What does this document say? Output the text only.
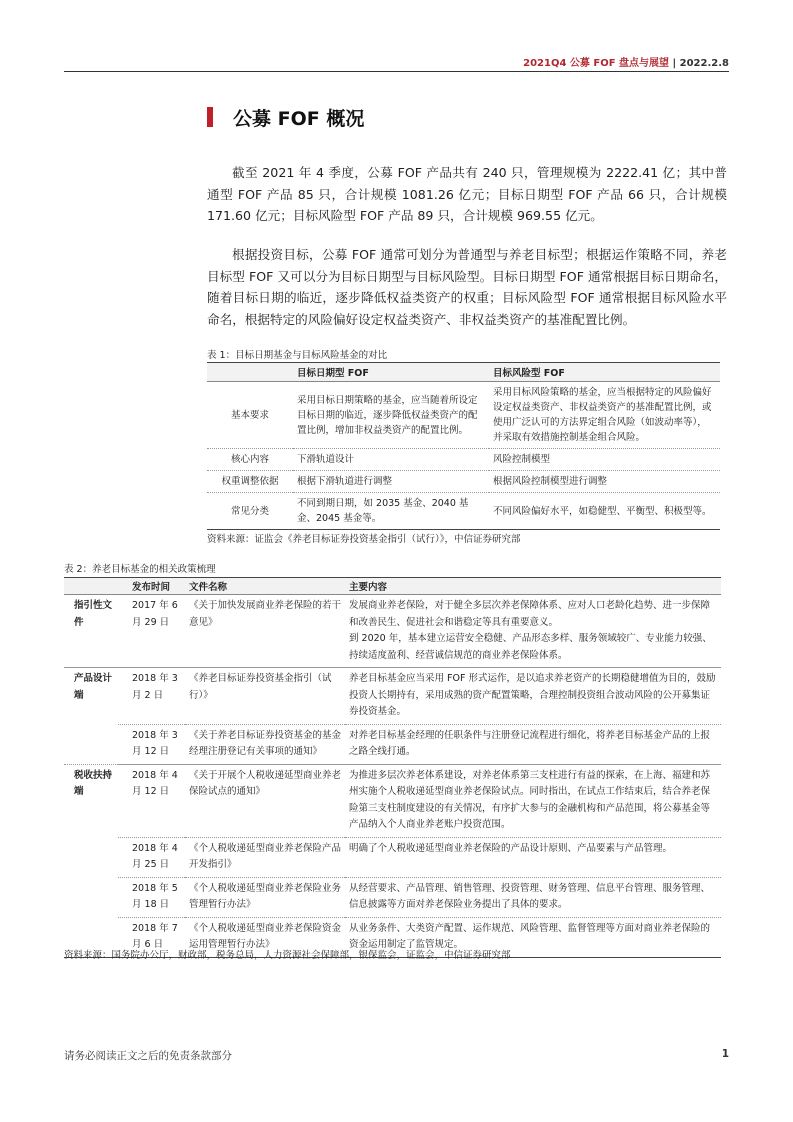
2021Q4 公募 FOF 盘点与展望 | 2022.2.8
公募 FOF 概况

截至 2021 年 4 季度，公募 FOF 产品共有 240 只，管理规模为 2222.41 亿；其中普通型 FOF 产品 85 只，合计规模 1081.26 亿元；目标日期型 FOF 产品 66 只，合计规模 171.60 亿元；目标风险型 FOF 产品 89 只，合计规模 969.55 亿元。

根据投资目标，公募 FOF 通常可划分为普通型与养老目标型；根据运作策略不同，养老目标型 FOF 又可以分为目标日期型与目标风险型。目标日期型 FOF 通常根据目标日期命名，随着目标日期的临近，逐步降低权益类资产的权重；目标风险型 FOF 通常根据目标风险水平命名，根据特定的风险偏好设定权益类资产、非权益类资产的基准配置比例。

表 1：目标日期基金与目标风险基金的对比
	目标日期型 FOF	目标风险型 FOF
基本要求	采用目标日期策略的基金，应当随着所设定目标日期的临近，逐步降低权益类资产的配置比例，增加非权益类资产的配置比例。	采用目标风险策略的基金，应当根据特定的风险偏好设定权益类资产、非权益类资产的基准配置比例，或使用广泛认可的方法界定组合风险（如波动率等），并采取有效措施控制基金组合风险。
核心内容	下滑轨道设计	风险控制模型
权重调整依据	根据下滑轨道进行调整	根据风险控制模型进行调整
常见分类	不同到期日期，如 2035 基金、2040 基金、2045 基金等。	不同风险偏好水平，如稳健型、平衡型、积极型等。
资料来源：证监会《养老目标证券投资基金指引（试行）》，中信证券研究部
表 2：养老目标基金的相关政策梳理
	发布时间	文件名称	主要内容
指引性文件	2017 年 6 月 29 日	《关于加快发展商业养老保险的若干意见》	发展商业养老保险，对于健全多层次养老保障体系、应对人口老龄化趋势、进一步保障和改善民生、促进社会和谐稳定等具有重要意义。
到 2020 年，基本建立运营安全稳健、产品形态多样、服务领域较广、专业能力较强、持续适度盈利、经营诚信规范的商业养老保险体系。
产品设计端	2018 年 3 月 2 日	《养老目标证券投资基金指引（试行）》	养老目标基金应当采用 FOF 形式运作，是以追求养老资产的长期稳健增值为目的，鼓励投资人长期持有，采用成熟的资产配置策略，合理控制投资组合波动风险的公开募集证券投资基金。
	2018 年 3 月 12 日	《关于养老目标证券投资基金的基金经理注册登记有关事项的通知》	对养老目标基金经理的任职条件与注册登记流程进行细化，将养老目标基金产品的上报之路全线打通。
税收扶持端	2018 年 4 月 12 日	《关于开展个人税收递延型商业养老保险试点的通知》	为推进多层次养老体系建设，对养老体系第三支柱进行有益的探索，在上海、福建和苏州实施个人税收递延型商业养老保险试点。同时指出，在试点工作结束后，结合养老保险第三支柱制度建设的有关情况，有序扩大参与的金融机构和产品范围，将公募基金等产品纳入个人商业养老账户投资范围。
	2018 年 4 月 25 日	《个人税收递延型商业养老保险产品开发指引》	明确了个人税收递延型商业养老保险的产品设计原则、产品要素与产品管理。
	2018 年 5 月 18 日	《个人税收递延型商业养老保险业务管理暂行办法》	从经营要求、产品管理、销售管理、投资管理、财务管理、信息平台管理、服务管理、信息披露等方面对养老保险业务提出了具体的要求。
	2018 年 7 月 6 日	《个人税收递延型商业养老保险资金运用管理暂行办法》	从业务条件、大类资产配置、运作规范、风险管理、监督管理等方面对商业养老保险的资金运用制定了监管规定。
资料来源：国务院办公厅，财政部，税务总局，人力资源社会保障部，银保监会，证监会，中信证券研究部
请务必阅读正文之后的免责条款部分	1
